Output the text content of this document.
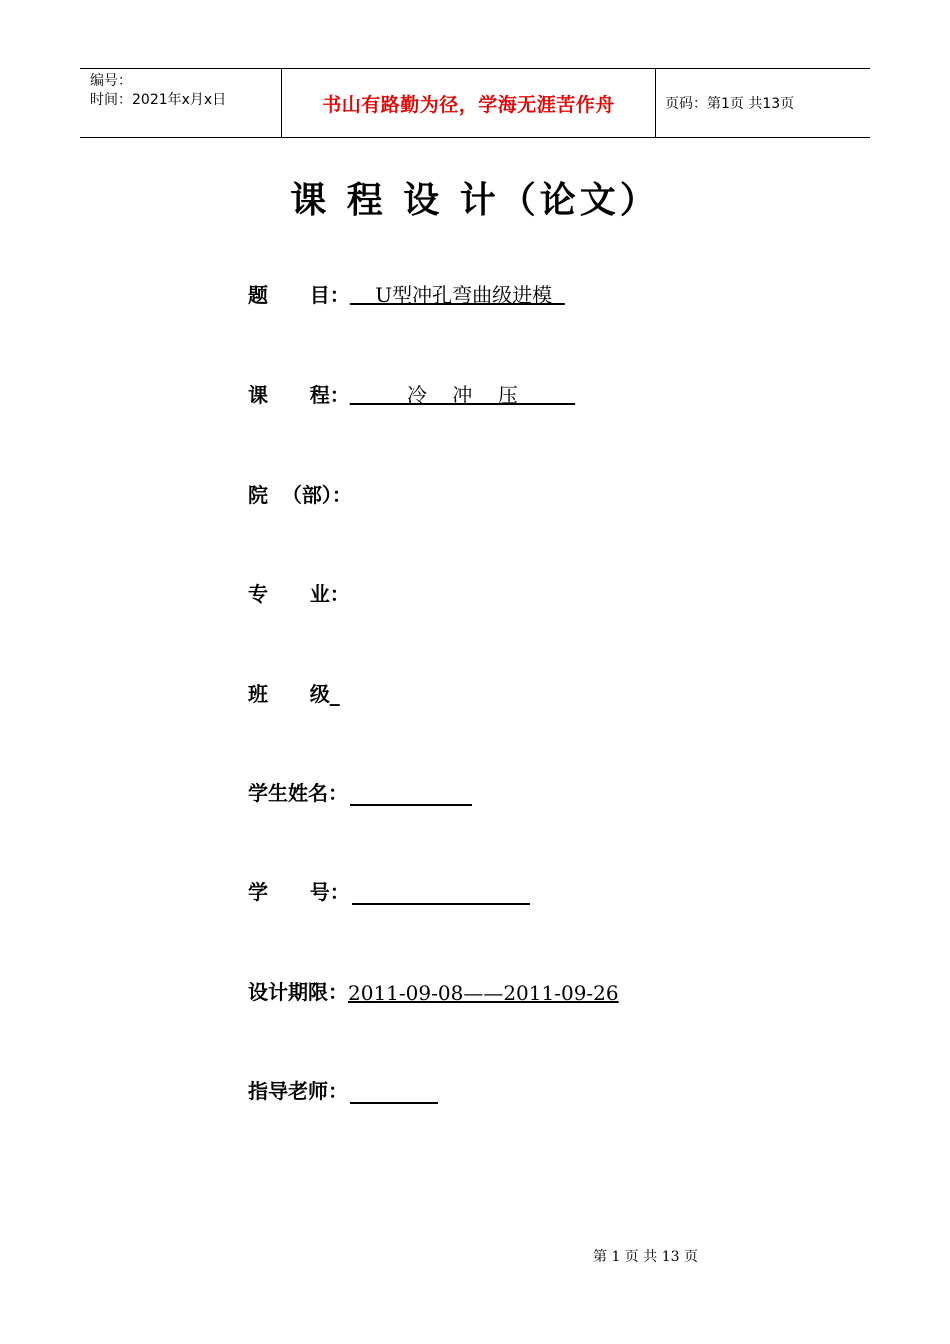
编号：
时间：2021年x月x日	书山有路勤为径，学海无涯苦作舟	页码：第1页 共13页
课 程 设 计（论文）
题      目： U型冲孔弯曲级进模
课      程： 冷    冲    压
院  （部）：
专      业：
班      级_
学生姓名：
学      号：
设计期限： 2011-09-08——2011-09-26
指导老师：
第 1 页 共 13 页
